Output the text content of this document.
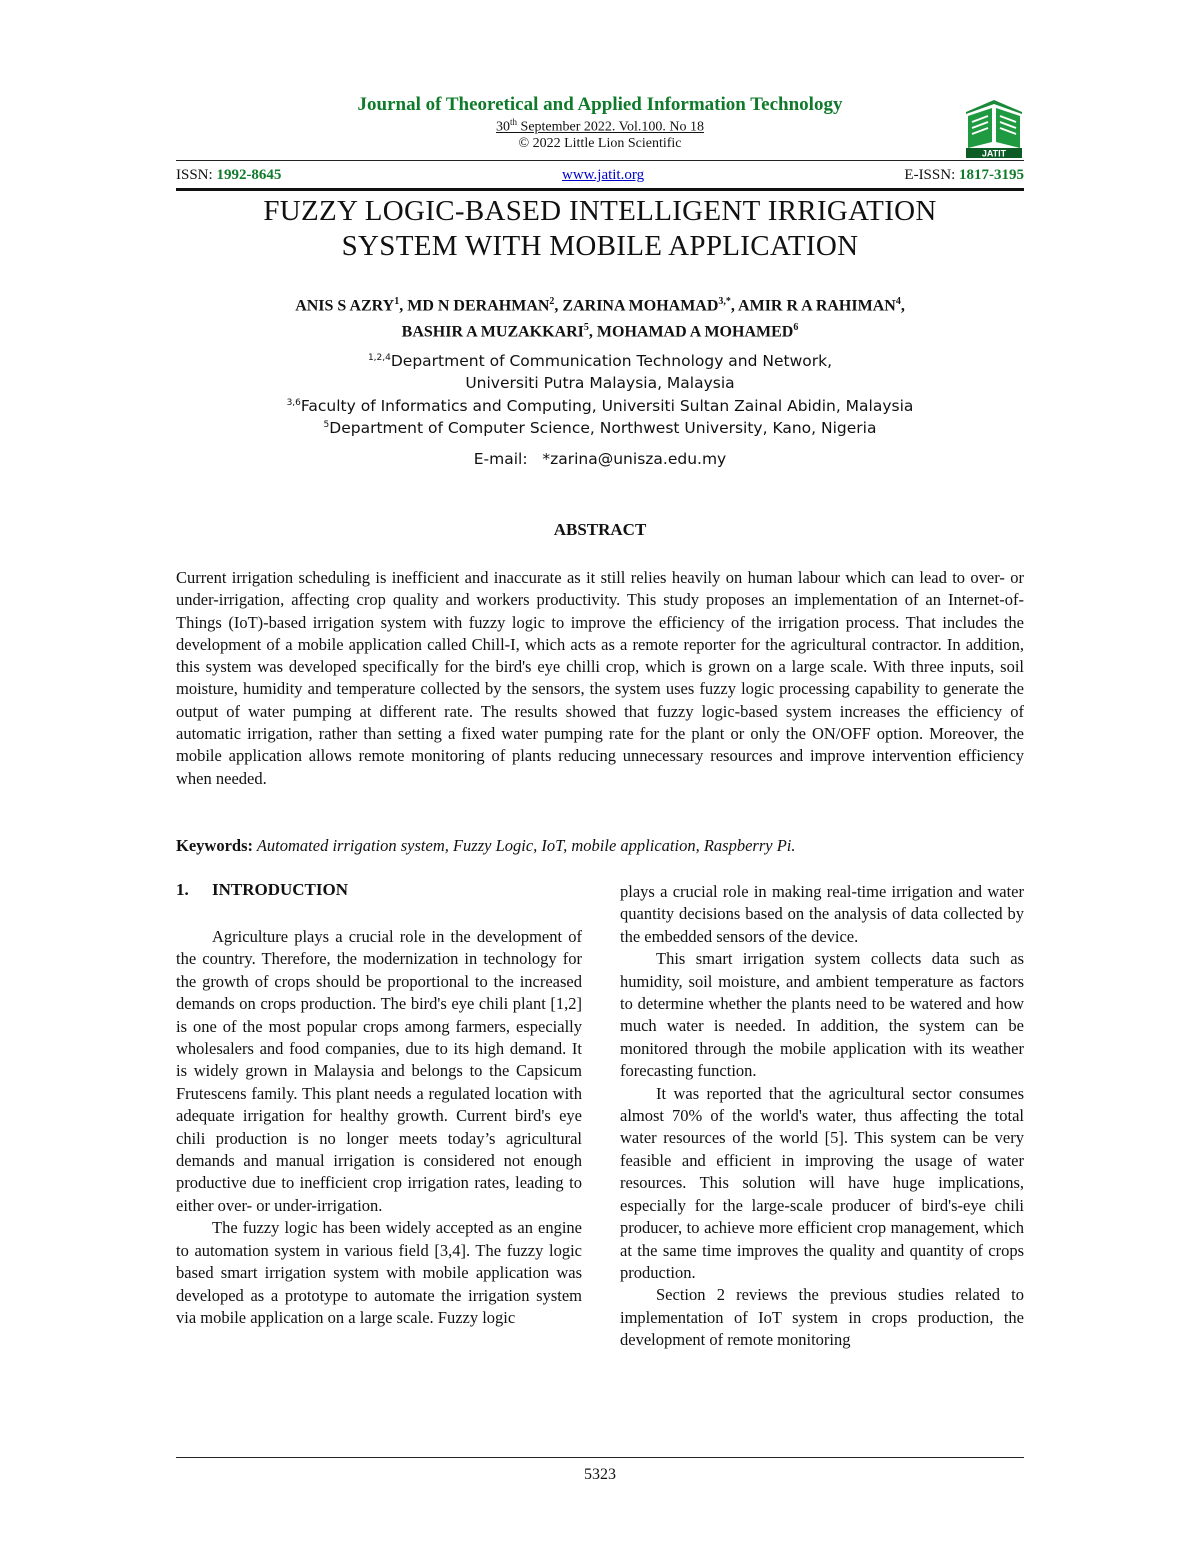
Journal of Theoretical and Applied Information Technology
30th September 2022. Vol.100. No 18
© 2022 Little Lion Scientific
JATIT
ISSN: 1992-8645	www.jatit.org	E-ISSN: 1817-3195
FUZZY LOGIC-BASED INTELLIGENT IRRIGATION
SYSTEM WITH MOBILE APPLICATION
ANIS S AZRY$^1$, MD N DERAHMAN$^2$, ZARINA $MOHAMAD^{3,*}$, AMIR R A RAHIMAN$^4$,
BASHIR A MUZAKKARI$^5$, MOHAMAD A MOHAMED$^6$
$^{1,2,4}$Department of Communication Technology and Network,
Universiti Putra Malaysia, Malaysia
$^{3,6}$Faculty of Informatics and Computing, Universiti Sultan Zainal Abidin, Malaysia
$^5$Department of Computer Science, Northwest University, Kano, Nigeria
E-mail:   *zarina@unisza.edu.my
ABSTRACT
Current irrigation scheduling is inefficient and inaccurate as it still relies heavily on human labour which can lead to over- or under-irrigation, affecting crop quality and workers productivity. This study proposes an implementation of an Internet-of-Things (IoT)-based irrigation system with fuzzy logic to improve the efficiency of the irrigation process. That includes the development of a mobile application called Chill-I, which acts as a remote reporter for the agricultural contractor. In addition, this system was developed specifically for the bird's eye chilli crop, which is grown on a large scale. With three inputs, soil moisture, humidity and temperature collected by the sensors, the system uses fuzzy logic processing capability to generate the output of water pumping at different rate. The results showed that fuzzy logic-based system increases the efficiency of automatic irrigation, rather than setting a fixed water pumping rate for the plant or only the ON/OFF option. Moreover, the mobile application allows remote monitoring of plants reducing unnecessary resources and improve intervention efficiency when needed.
Keywords: Automated irrigation system, Fuzzy Logic, IoT, mobile application, Raspberry Pi.
1. INTRODUCTION

Agriculture plays a crucial role in the development of the country. Therefore, the modernization in technology for the growth of crops should be proportional to the increased demands on crops production. The bird's eye chili plant [1,2] is one of the most popular crops among farmers, especially wholesalers and food companies, due to its high demand. It is widely grown in Malaysia and belongs to the Capsicum Frutescens family. This plant needs a regulated location with adequate irrigation for healthy growth. Current bird's eye chili production is no longer meets today’s agricultural demands and manual irrigation is considered not enough productive due to inefficient crop irrigation rates, leading to either over- or under-irrigation.

The fuzzy logic has been widely accepted as an engine to automation system in various field [3,4]. The fuzzy logic based smart irrigation system with mobile application was developed as a prototype to automate the irrigation system via mobile application on a large scale. Fuzzy logic

plays a crucial role in making real-time irrigation and water quantity decisions based on the analysis of data collected by the embedded sensors of the device.

This smart irrigation system collects data such as humidity, soil moisture, and ambient temperature as factors to determine whether the plants need to be watered and how much water is needed. In addition, the system can be monitored through the mobile application with its weather forecasting function.

It was reported that the agricultural sector consumes almost 70% of the world's water, thus affecting the total water resources of the world [5]. This system can be very feasible and efficient in improving the usage of water resources. This solution will have huge implications, especially for the large-scale producer of bird's-eye chili producer, to achieve more efficient crop management, which at the same time improves the quality and quantity of crops production.

Section 2 reviews the previous studies related to implementation of IoT system in crops production, the development of remote monitoring

5323
